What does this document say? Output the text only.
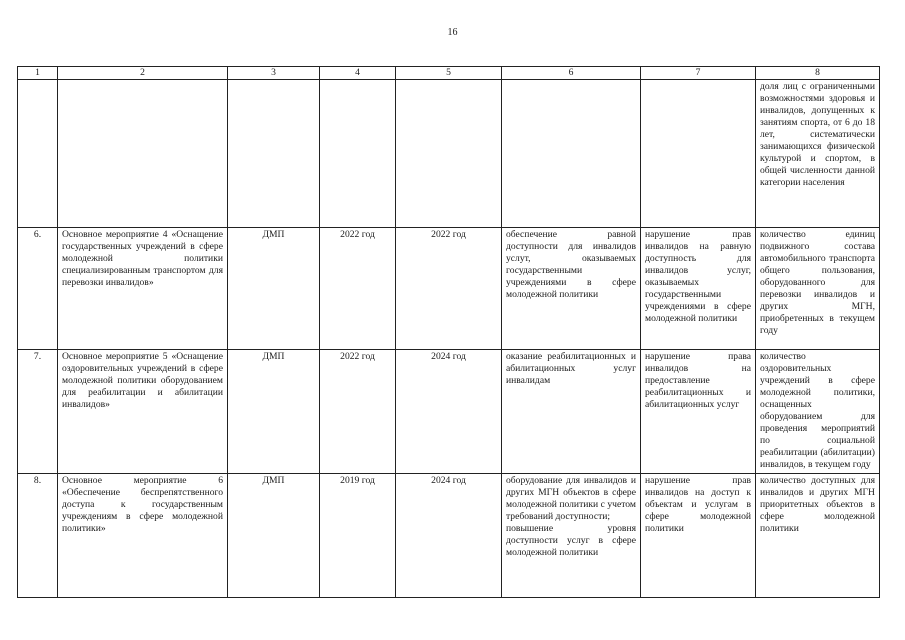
16
1	2	3	4	5	6	7	8
							доля лиц с ограниченными возможностями здоровья и инвалидов, допущенных к занятиям спорта, от 6 до 18 лет, систематически занимающихся физической культурой и спортом, в общей численности данной категории населения
6.	Основное мероприятие 4 «Оснащение государственных учреждений в сфере молодежной политики специализированным транспортом для перевозки инвалидов»	ДМП	2022 год	2022 год	обеспечение равной доступности для инвалидов услут, оказываемых государственными учреждениями в сфере молодежной политики	нарушение прав инвалидов на равную доступность для инвалидов услуг, оказываемых государственными учреждениями в сфере молодежной политики	количество единиц подвижного состава автомобильного транспорта общего пользования, оборудованного для перевозки инвалидов и других МГН, приобретенных в текущем году
7.	Основное мероприятие 5 «Оснащение оздоровительных учреждений в сфере молодежной политики оборудованием для реабилитации и абилитации инвалидов»	ДМП	2022 год	2024 год	оказание реабилитационных и абилитационных услуг инвалидам	нарушение права инвалидов на предоставление реабилитационных и абилитационных услуг	количество оздоровительных учреждений в сфере молодежной политики, оснащенных оборудованием для проведения мероприятий по социальной реабилитации (абилитации) инвалидов, в текущем году
8.	Основное мероприятие 6 «Обеспечение беспрепятственного доступа к государственным учреждениям в сфере молодежной политики»	ДМП	2019 год	2024 год	оборудование для инвалидов и других МГН объектов в сфере молодежной политики с учетом требований доступности;
повышение уровня доступности услуг в сфере молодежной политики	нарушение прав инвалидов на доступ к объектам и услугам в сфере молодежной политики	количество доступных для инвалидов и других МГН приоритетных объектов в сфере молодежной политики
